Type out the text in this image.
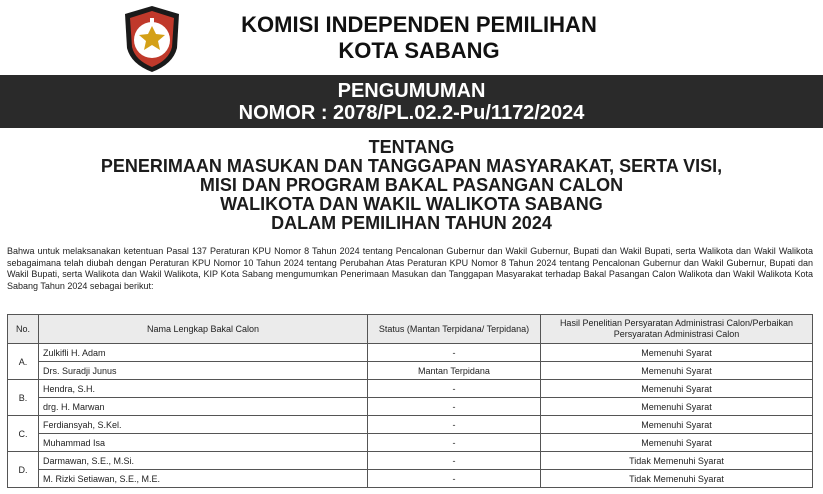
KOMISI INDEPENDEN PEMILIHAN
KOTA SABANG
PENGUMUMAN
NOMOR : 2078/PL.02.2-Pu/1172/2024
TENTANG
PENERIMAAN MASUKAN DAN TANGGAPAN MASYARAKAT, SERTA VISI,
MISI DAN PROGRAM BAKAL PASANGAN CALON
WALIKOTA DAN WAKIL WALIKOTA SABANG
DALAM PEMILIHAN TAHUN 2024
Bahwa untuk melaksanakan ketentuan Pasal 137 Peraturan KPU Nomor 8 Tahun 2024 tentang Pencalonan Gubernur dan Wakil Gubernur, Bupati dan Wakil Bupati, serta Walikota dan Wakil Walikota sebagaimana telah diubah dengan Peraturan KPU Nomor 10 Tahun 2024 tentang Perubahan Atas Peraturan KPU Nomor 8 Tahun 2024 tentang Pencalonan Gubernur dan Wakil Gubernur, Bupati dan Wakil Bupati, serta Walikota dan Wakil Walikota, KIP Kota Sabang mengumumkan Penerimaan Masukan dan Tanggapan Masyarakat terhadap Bakal Pasangan Calon Walikota dan Wakil Walikota Kota Sabang Tahun 2024 sebagai berikut:
No.	Nama Lengkap Bakal Calon	Status (Mantan Terpidana/ Terpidana)	Hasil Penelitian Persyaratan Administrasi Calon/Perbaikan Persyaratan Administrasi Calon
A.	Zulkifli H. Adam	-	Memenuhi Syarat
	Drs. Suradji Junus	Mantan Terpidana	Memenuhi Syarat
B.	Hendra, S.H.	-	Memenuhi Syarat
	drg. H. Marwan	-	Memenuhi Syarat
C.	Ferdiansyah, S.Kel.	-	Memenuhi Syarat
	Muhammad Isa	-	Memenuhi Syarat
D.	Darmawan, S.E., M.Si.	-	Tidak Memenuhi Syarat
	M. Rizki Setiawan, S.E., M.E.	-	Tidak Memenuhi Syarat
